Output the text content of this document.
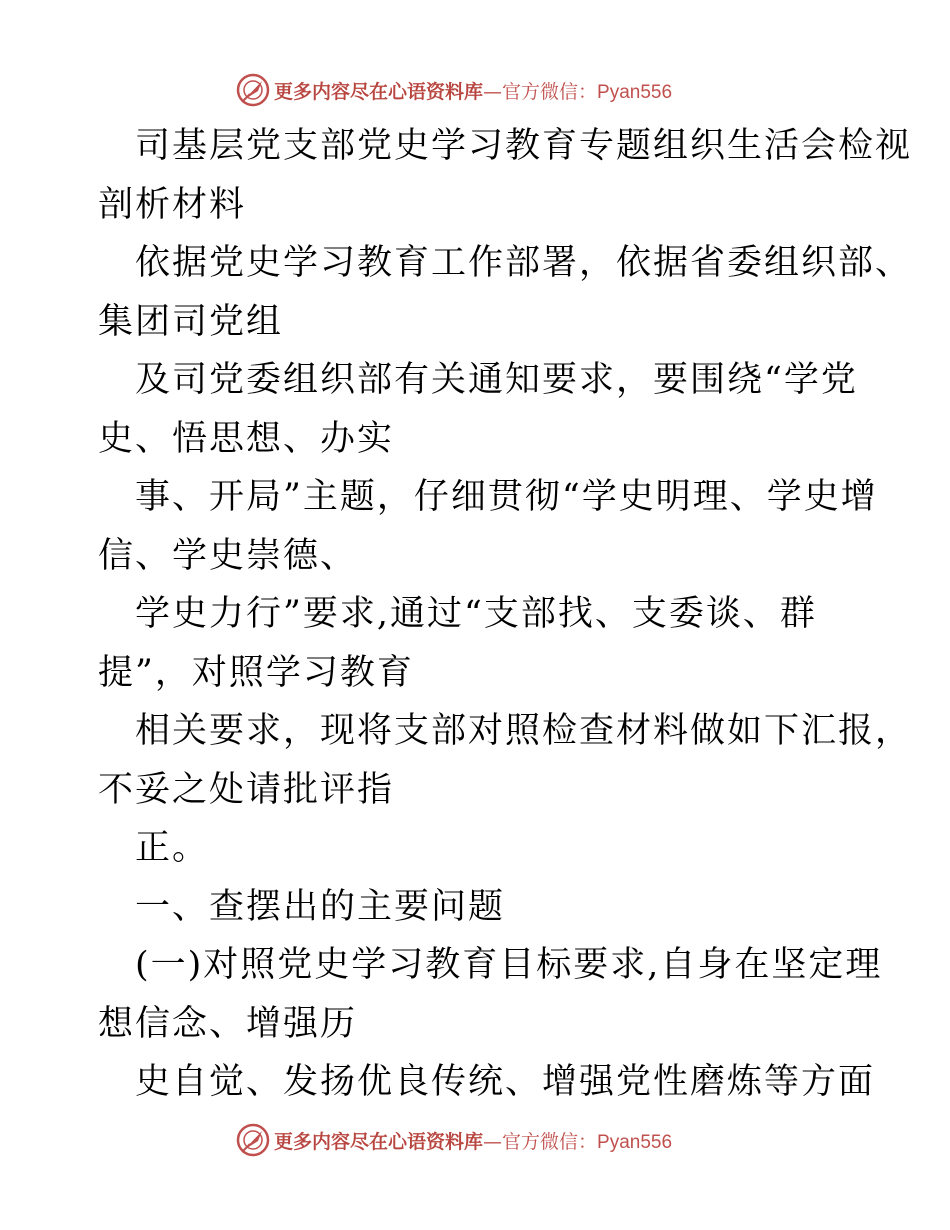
更多内容尽在心语资料库—官方微信：Pyan556
司基层党支部党史学习教育专题组织生活会检视
剖析材料
依据党史学习教育工作部署，依据省委组织部、
集团司党组
及司党委组织部有关通知要求，要围绕“学党
史、悟思想、办实
事、开局”主题，仔细贯彻“学史明理、学史增
信、学史崇德、
学史力行”要求,通过“支部找、支委谈、群
提”，对照学习教育
相关要求，现将支部对照检查材料做如下汇报，
不妥之处请批评指
正。
一、查摆出的主要问题
(一)对照党史学习教育目标要求,自身在坚定理
想信念、增强历
史自觉、发扬优良传统、增强党性磨炼等方面
更多内容尽在心语资料库—官方微信：Pyan556
